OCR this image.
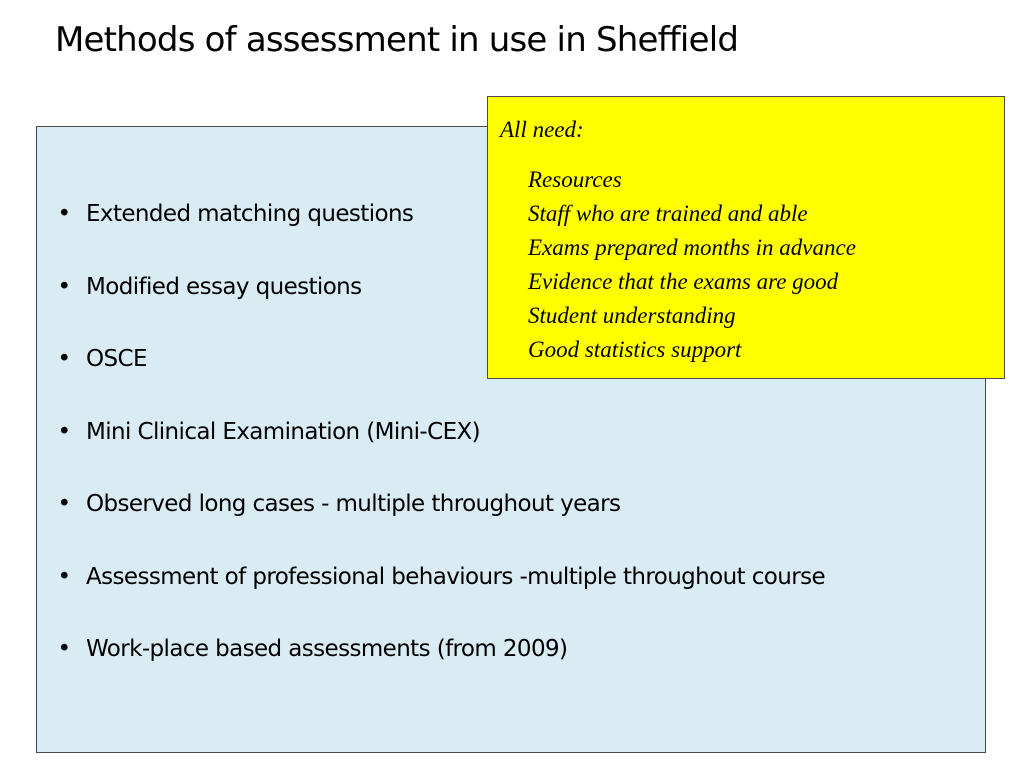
Methods of assessment in use in Sheffield
• Extended matching questions
• Modified essay questions
• OSCE
• Mini Clinical Examination (Mini-CEX)
• Observed long cases - multiple throughout years
• Assessment of professional behaviours -multiple throughout course
• Work-place based assessments (from 2009)
All need:
Resources
Staff who are trained and able
Exams prepared months in advance
Evidence that the exams are good
Student understanding
Good statistics support
